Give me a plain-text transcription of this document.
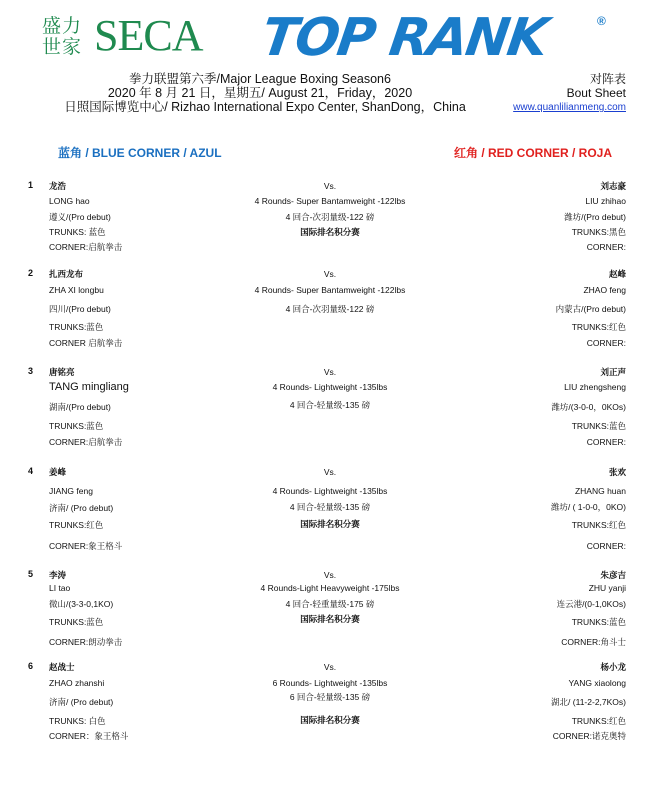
盛力
世家 SECA TOP RANK	®
拳力联盟第六季/Major League Boxing Season6
2020 年 8 月 21 日，星期五/ August 21，Friday，2020
日照国际博览中心/ Rizhao International Expo Center, ShanDong，China
对阵表
Bout Sheet
www.quanlilianmeng.com
蓝角 / BLUE CORNER / AZUL	红角 / RED CORNER / ROJA
1 龙浩
LONG hao
遵义/(Pro debut)
TRUNKS: 蓝色
CORNER:启航拳击
Vs.
4 Rounds- Super Bantamweight -122lbs
4 回合-次羽量级-122 磅
国际排名积分赛
刘志豪
LIU zhihao
潍坊/(Pro debut)
TRUNKS:黑色
CORNER:
2 扎西龙布
ZHA XI longbu
四川/(Pro debut)
TRUNKS:蓝色
CORNER 启航拳击
Vs.
4 Rounds- Super Bantamweight -122lbs
4 回合-次羽量级-122 磅
赵峰
ZHAO feng
内蒙古/(Pro debut)
TRUNKS:红色
CORNER:
3 唐铭亮
TANG mingliang
湖南/(Pro debut)
TRUNKS:蓝色
CORNER:启航拳击
Vs.
4 Rounds- Lightweight -135lbs
4 回合-轻量级-135 磅
刘正声
LIU zhengsheng
潍坊/(3-0-0，0KOs)
TRUNKS:蓝色
CORNER:
4 姜峰
JIANG feng
济南/ (Pro debut)
TRUNKS:红色
CORNER:象王格斗
Vs.
4 Rounds- Lightweight -135lbs
4 回合-轻量级-135 磅
国际排名积分赛
张欢
ZHANG huan
潍坊/ ( 1-0-0，0KO)
TRUNKS:红色
CORNER:
5 李涛
LI tao
微山/(3-3-0,1KO)
TRUNKS:蓝色
CORNER:朗动拳击
Vs.
4 Rounds-Light Heavyweight -175lbs
4 回合-轻重量级-175 磅
国际排名积分赛
朱彦吉
ZHU yanji
连云港/(0-1,0KOs)
TRUNKS:蓝色
CORNER:角斗士
6 赵战士
ZHAO zhanshi
济南/ (Pro debut)
TRUNKS: 白色
CORNER：象王格斗
Vs.
6 Rounds- Lightweight -135lbs
6 回合-轻量级-135 磅
国际排名积分赛
杨小龙
YANG xiaolong
湖北/ (11-2-2,7KOs)
TRUNKS:红色
CORNER:诺克奥特
